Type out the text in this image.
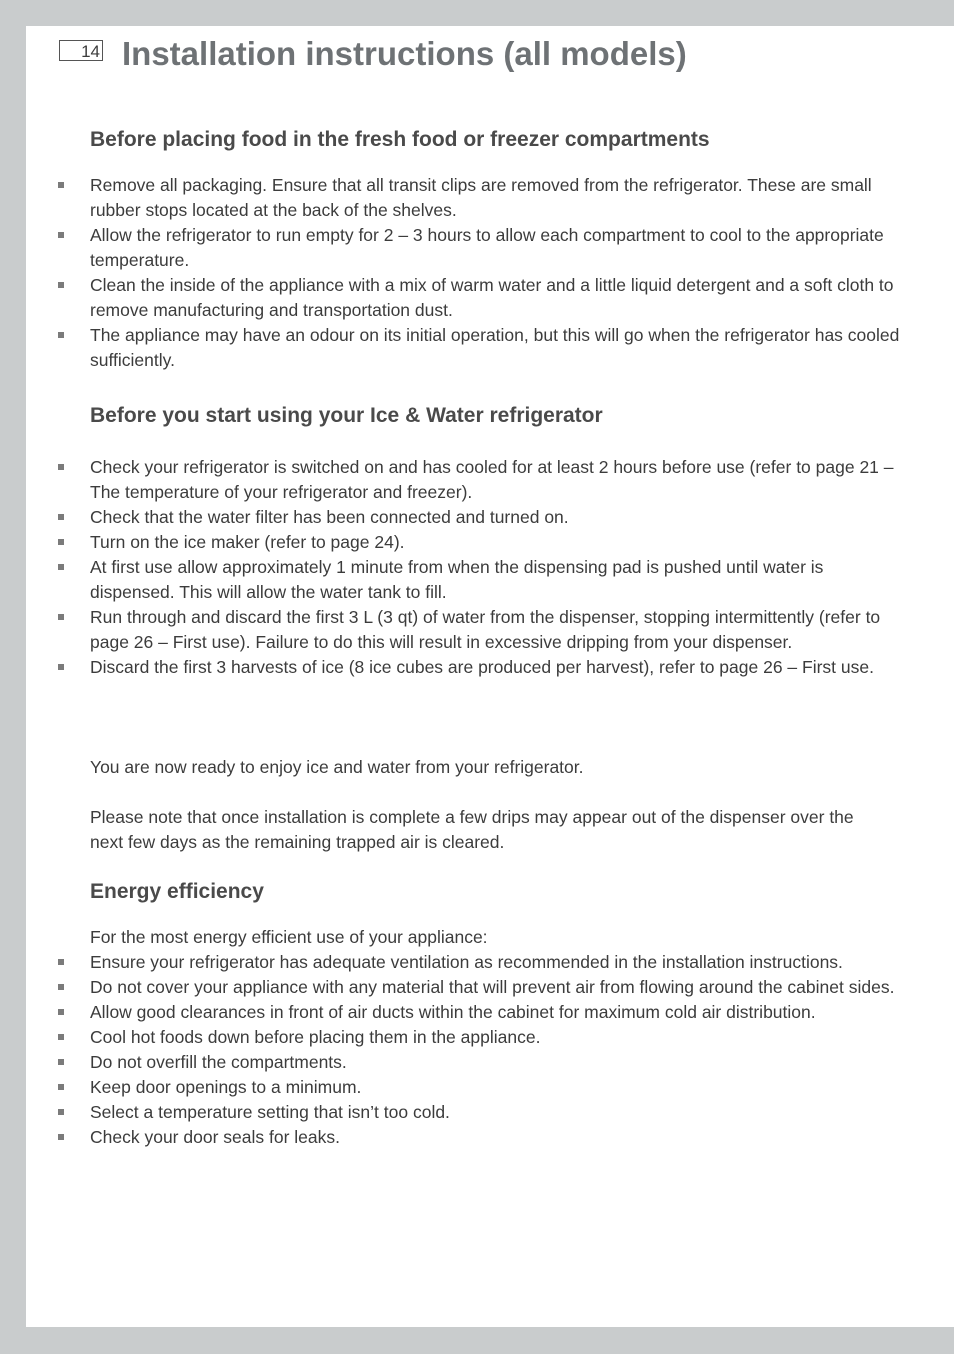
14 Installation instructions (all models)
Before placing food in the fresh food or freezer compartments
Remove all packaging. Ensure that all transit clips are removed from the refrigerator. These are small rubber stops located at the back of the shelves.
Allow the refrigerator to run empty for 2 – 3 hours to allow each compartment to cool to the appropriate temperature.
Clean the inside of the appliance with a mix of warm water and a little liquid detergent and a soft cloth to remove manufacturing and transportation dust.
The appliance may have an odour on its initial operation, but this will go when the refrigerator has cooled sufficiently.
Before you start using your Ice & Water refrigerator
Check your refrigerator is switched on and has cooled for at least 2 hours before use (refer to page 21 – The temperature of your refrigerator and freezer).
Check that the water filter has been connected and turned on.
Turn on the ice maker (refer to page 24).
At first use allow approximately 1 minute from when the dispensing pad is pushed until water is dispensed. This will allow the water tank to fill.
Run through and discard the first 3 L (3 qt) of water from the dispenser, stopping intermittently (refer to page 26 – First use). Failure to do this will result in excessive dripping from your dispenser.
Discard the first 3 harvests of ice (8 ice cubes are produced per harvest), refer to page 26 – First use.

You are now ready to enjoy ice and water from your refrigerator.

Please note that once installation is complete a few drips may appear out of the dispenser over the next few days as the remaining trapped air is cleared.

Energy efficiency

For the most energy efficient use of your appliance:

Ensure your refrigerator has adequate ventilation as recommended in the installation instructions.
Do not cover your appliance with any material that will prevent air from flowing around the cabinet sides.
Allow good clearances in front of air ducts within the cabinet for maximum cold air distribution.
Cool hot foods down before placing them in the appliance.
Do not overfill the compartments.
Keep door openings to a minimum.
Select a temperature setting that isn’t too cold.
Check your door seals for leaks.
